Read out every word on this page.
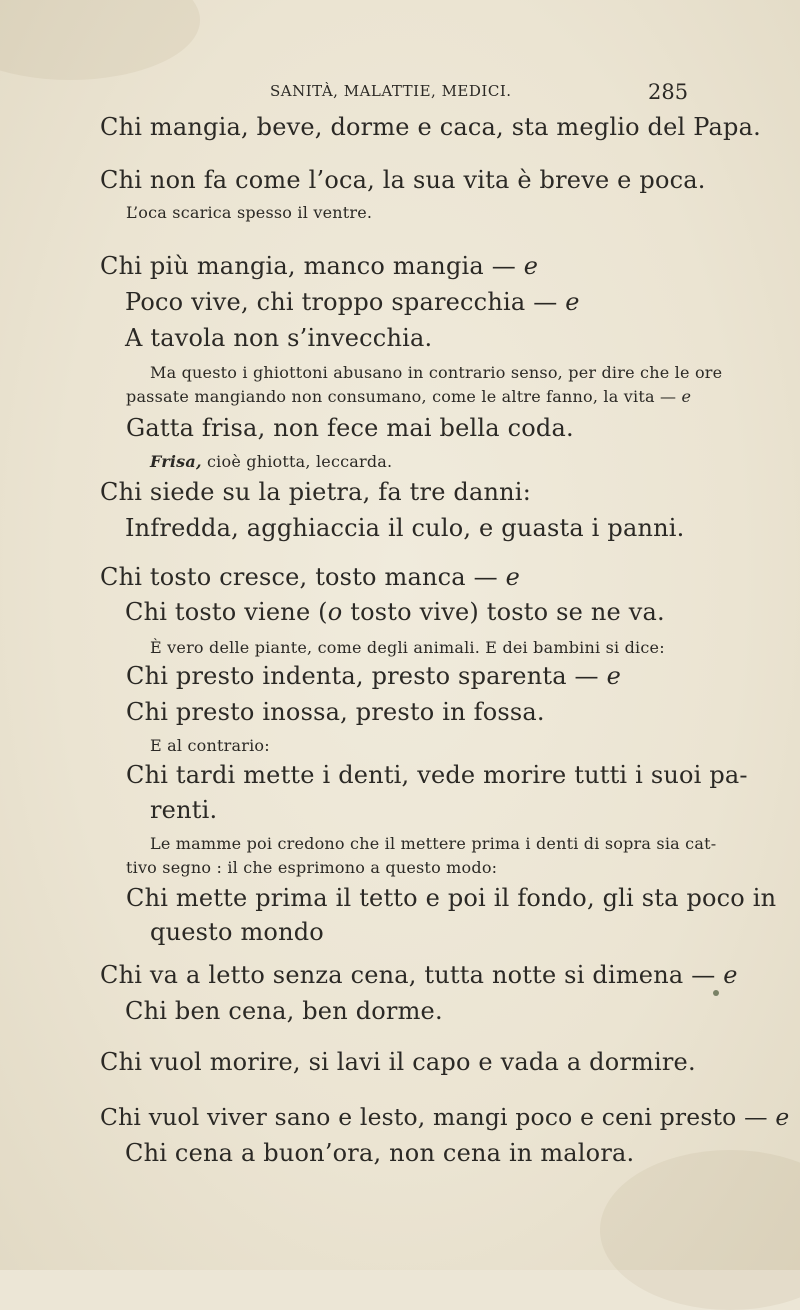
SANITÀ, MALATTIE, MEDICI.	285
Chi mangia, beve, dorme e caca, sta meglio del Papa.
Chi non fa come l’oca, la sua vita è breve e poca.
L’oca scarica spesso il ventre.
Chi più mangia, manco mangia — e
Poco vive, chi troppo sparecchia — e
A tavola non s’invecchia.
Ma questo i ghiottoni abusano in contrario senso, per dire che le ore
passate mangiando non consumano, come le altre fanno, la vita — e
Gatta frisa, non fece mai bella coda.
Frisa, cioè ghiotta, leccarda.
Chi siede su la pietra, fa tre danni:
Infredda, agghiaccia il culo, e guasta i panni.
Chi tosto cresce, tosto manca — e
Chi tosto viene (o tosto vive) tosto se ne va.
È vero delle piante, come degli animali. E dei bambini si dice:
Chi presto indenta, presto sparenta — e
Chi presto inossa, presto in fossa.
E al contrario:
Chi tardi mette i denti, vede morire tutti i suoi pa-
renti.
Le mamme poi credono che il mettere prima i denti di sopra sia cat-
tivo segno : il che esprimono a questo modo:
Chi mette prima il tetto e poi il fondo, gli sta poco in
questo mondo
Chi va a letto senza cena, tutta notte si dimena — e
Chi ben cena, ben dorme.
Chi vuol morire, si lavi il capo e vada a dormire.
Chi vuol viver sano e lesto, mangi poco e ceni presto — e
Chi cena a buon’ora, non cena in malora.
